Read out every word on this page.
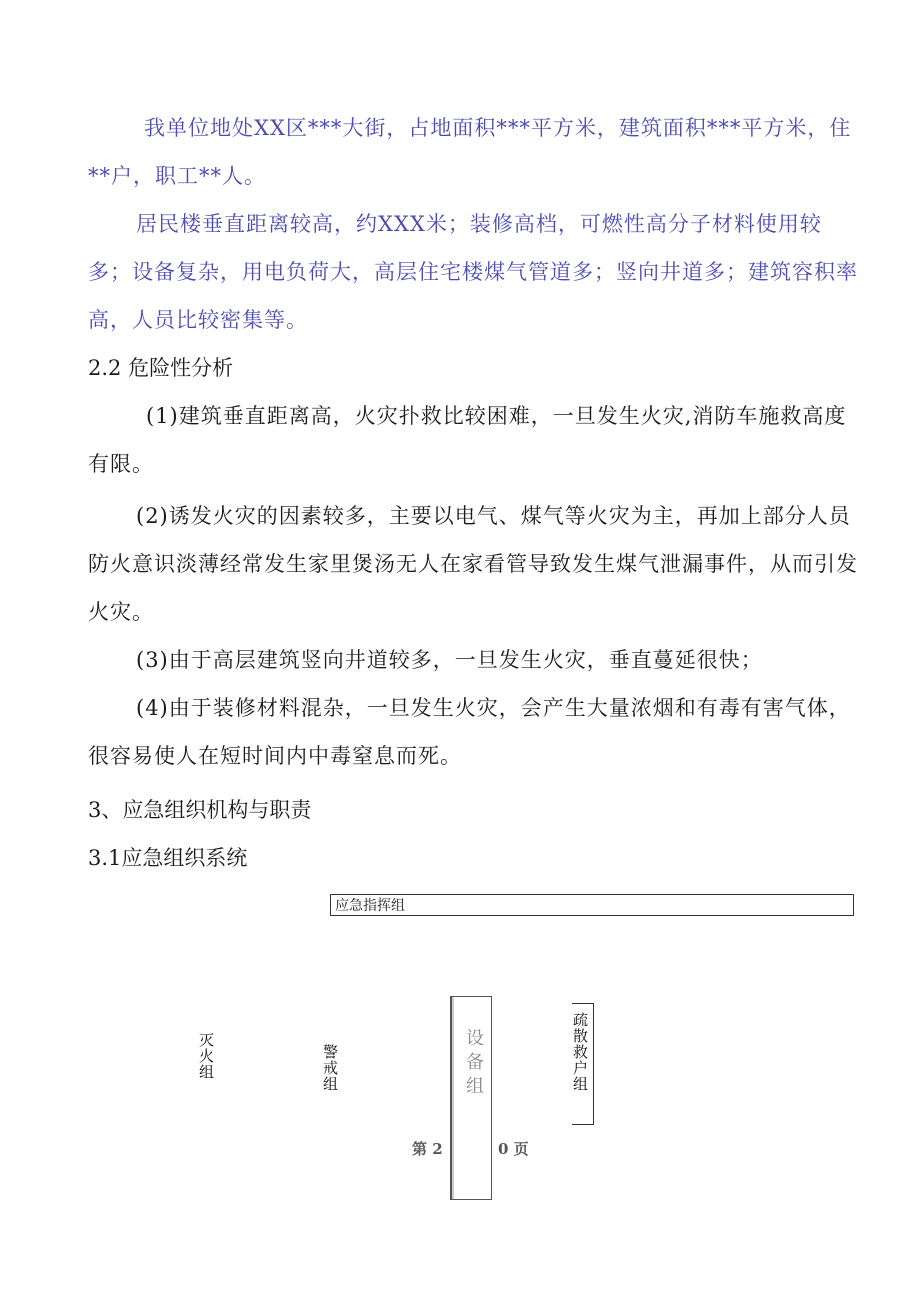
我单位地处XX区***大街，占地面积***平方米，建筑面积***平方米，住**户，职工**人。

居民楼垂直距离较高，约XXX米；装修高档，可燃性高分子材料使用较多；设备复杂，用电负荷大，高层住宅楼煤气管道多；竖向井道多；建筑容积率高，人员比较密集等。

2.2 危险性分析

(1)建筑垂直距离高，火灾扑救比较困难，一旦发生火灾,消防车施救高度有限。

(2)诱发火灾的因素较多，主要以电气、煤气等火灾为主，再加上部分人员防火意识淡薄经常发生家里煲汤无人在家看管导致发生煤气泄漏事件，从而引发火灾。

(3)由于高层建筑竖向井道较多，一旦发生火灾，垂直蔓延很快；

(4)由于装修材料混杂，一旦发生火灾，会产生大量浓烟和有毒有害气体，很容易使人在短时间内中毒窒息而死。

3、应急组织机构与职责

3.1应急组织系统

应急指挥组
灭火组	警戒组	设备组	疏散救户组
第 2	0 页
